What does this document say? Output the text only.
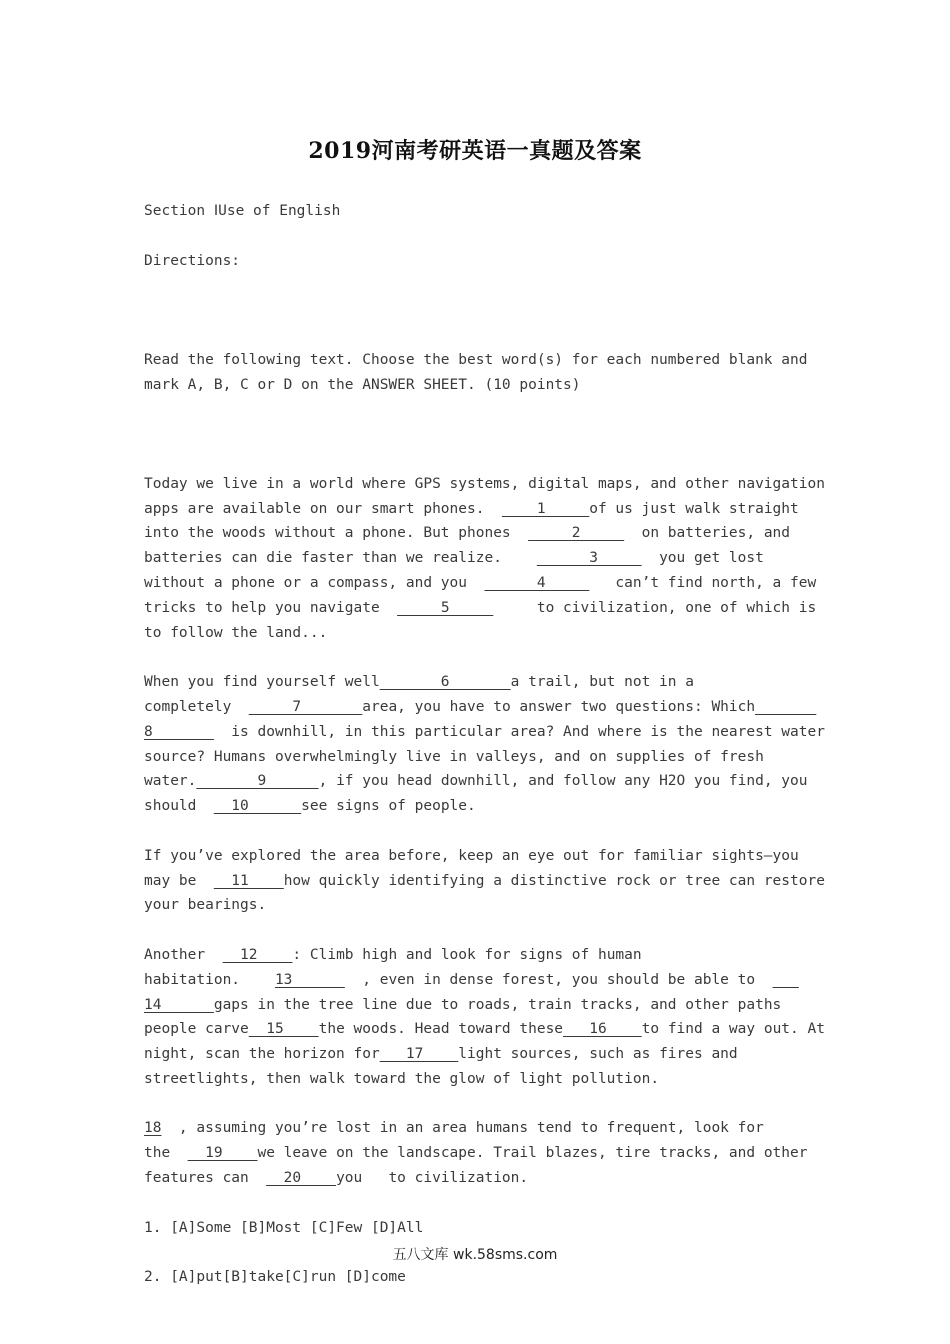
2019河南考研英语一真题及答案
Section ⅠUse of English
Directions:

Read the following text. Choose the best word(s) for each numbered blank and
mark A, B, C or D on the ANSWER SHEET. (10 points)

Today we live in a world where GPS systems, digital maps, and other navigation
apps are available on our smart phones.  ____1_____of us just walk straight
into the woods without a phone. But phones  _____2_____  on batteries, and
batteries can die faster than we realize.    ______3_____  you get lost
without a phone or a compass, and you  ______4_____   can’t find north, a few
tricks to help you navigate  _____5_____     to civilization, one of which is
to follow the land...
When you find yourself well_______6_______a trail, but not in a
completely  _____7_______area, you have to answer two questions: Which_______
8_______  is downhill, in this particular area? And where is the nearest water
source? Humans overwhelmingly live in valleys, and on supplies of fresh
water._______9______, if you head downhill, and follow any H2O you find, you
should  __10______see signs of people.
If you’ve explored the area before, keep an eye out for familiar sights—you
may be  __11____how quickly identifying a distinctive rock or tree can restore
your bearings.
Another  __12____: Climb high and look for signs of human
habitation.    13______  , even in dense forest, you should be able to  ___
14______gaps in the tree line due to roads, train tracks, and other paths
people carve__15____the woods. Head toward these___16____to find a way out. At
night, scan the horizon for___17____light sources, such as fires and
streetlights, then walk toward the glow of light pollution.
18  , assuming you’re lost in an area humans tend to frequent, look for
the  __19____we leave on the landscape. Trail blazes, tire tracks, and other
features can  __20____you   to civilization.
1. [A]Some [B]Most [C]Few [D]All
2. [A]put[B]take[C]run [D]come
五八文库 wk.58sms.com
